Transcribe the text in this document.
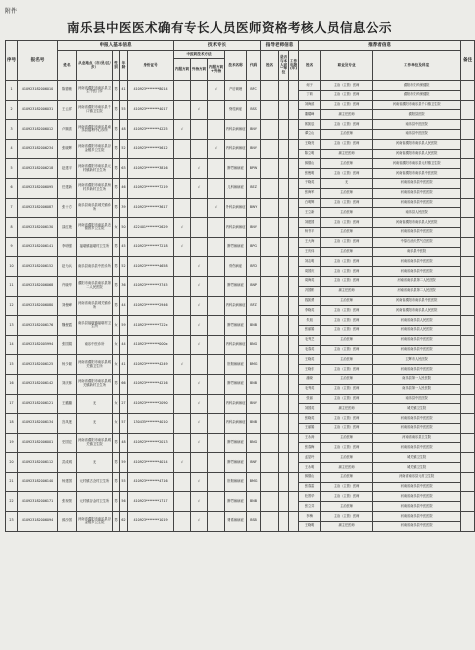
附件
南乐县中医医术确有专长人员医师资格考核人员信息公示
序号	报名号	申报人基本信息					技术专长					指导老师信息			推荐者信息			备注
		姓名	从业地点（市/县/区/乡）	性别	年龄	身份证号	中医药技术方法			技术名称	代码	姓名	是否与本人同一单位	工作年限(年)	姓名	职业及专业	工作单位及科室	
							内服方药	外治方药	内服方药+外治									
1	410923182006010	陈德敏	河南省濮阳市南乐县卫生中医门诊	男	41	410923********8014			√	产后调理	BFC				何子	主治（主管）医师	濮阳市妇幼保健院	
															丁莉	主治（主管）医师	濮阳市妇幼保健院	
2	410923182006031	王云祥	河南省濮阳市南乐县千口镇卫生院	男	55	410923********4017		√		脊柱病症	BSS				刘海滨	主治（主管）医师	河南省濮阳市南乐县千口镇卫生院	
															董耀峰	副主任医师	濮阳县医院	
3	410923182006012	卢顺喜	河南省濮阳市南乐县南乐县福利中心诊所	男	48	410923********4225	√			内科杂病病症	BNY				郭凯辰	主治（主管）医师	南乐县中医医院	
															谭立山	主治医师	南乐县中医医院	
4	410923182006234	张晓辉	河南省濮阳市南乐县谷金楼乡卫生院	男	52	410923********5612			√	内科杂病病症	BNY				王晓亮	主治（主管）医师	河南省濮阳市南乐县人民医院	
															陈立明	副主任医师	河南省濮阳市南乐县人民医院	
5	410923182006218	赵建平	河南省濮阳市南乐县元村镇新村卫生所	男	63	410923********3816		√		脾胃病病症	BPW				薛德山	主治医师	河南省濮阳市南乐县元村镇卫生院	
															张俊明	主治（主管）医师	河南省濮阳市南乐县中医医院	
6	410923182006095	任建新	河南省濮阳市南乐县杨村乡新村卫生所	男	46	410923********7219		√		儿科病病症	BEZ				于晓英	无	河南省南乐县中医医院	
															张海军	主治医师	河南省南乐县中医医院	
7	410923182006087	张十方	南乐县南乐县城关镇诊所	男	39	410923********3617			√	外科杂病病症	BWY				白明辉	主治（主管）医师	河南省南乐县中医医院	
															王立新	主治医师	南乐县人民医院	
8	410923182006130	邵红艳	河南省濮阳市南乐县近德固乡卫生院	女	50	422401********2629	√			内科杂病病症	BNY				刘建国	主治（主管）医师	河南省濮阳市南乐县人民医院	
															杨书平	主治医师	河南省南乐县中医医院	
9	410923182006141	李明强	福堪镇福堪村卫生所	男	45	410923********7218	√			脾胃病病症	BPG				王大海	主治（主管）医师	中原石油天然气总医院	
															王庆伟	主治医师	南乐县中医院	
10	410923182006152	赵为兵	南乐县南乐县中医诊所	男	52	410923********4658		√		骨伤病症	BFD				刘志明	主治（主管）医师	河南省南乐县中医医院	
															周国庆	主治（主管）医师	河南省南乐县中医医院	
11	410923182006068	许晓华	濮阳市南乐县南乐县第二人民医院	男	36	410923********3745		√		脾胃病病症	BNP				周海英	主治（主管）医师	河南省南乐县第二人民医院	
															冯国彬	副主任医师	河南省南乐县第二人民医院	
12	410923182006080	刘俊峰	河南省南乐县城关镇诊所	男	44	410923********2946		√		内科杂病病症	BFZ				钱凯勇	主治医师	河南省濮阳市南乐县中医医院	
															李晓英	主治（主管）医师	河南省濮阳市南乐县人民医院	
13	410923182006176	魏俊霞	南乐县福堪镇福堪村卫生所	女	59	410923********722x		√		脾胃病病症	BNB				朱旭	主治（主管）医师	河南省南乐县人民医院	
															张丽娟	主治（主管）医师	河南省南乐县人民医院	
14	410923182005994	张国娟	南乐中医诊所	女	44	410923********000x		√		内科杂病病症	BNG				毛秀芝	主治医师	河南省南乐县中医医院	
															毛春英	主治（主管）医师	河南省南乐县中医医院	
15	410923182006125	杨少颖	河南省濮阳市南乐县城关镇卫生所	女	41	410923********4249	√			肝胆病病症	BMG				王晓英	主治医师	卫辉市人民医院	
															王晓东	主治（主管）医师	河南省南乐县中医医院	
16	410923182006142	刘庆林	河南省濮阳市南乐县城关镇新村卫生所	男	66	410923********4216		√		脾胃病病症	BNB				潘晓	主治医师	南乐县第一人民医院	
															毛秀英	主治（主管）医师	南乐县第一人民医院	
17	410923182006121	王璐璐	无	女	27	410923********2090		√		内科杂病病症	BNY				张丽	主治（主管）医师	南乐县中医医院	
															刘国英	副主任医师	城关镇卫生院	
18	410923182006134	宫凤莲	无	女	57	130435********4010		√		内科杂病病症	BNB				张晓英	主治（主管）医师	河南省南乐县中医医院	
															王丽娟	主治（主管）医师	河南省南乐县中医医院	
19	410923182006001	史国宏	河南省濮阳市南乐县城关镇卫生院	男	48	410923********2013		√		脾胃病病症	BNG				王永涛	主治医师	河南省南乐县卫生院	
															张春梅	主治（主管）医师	河南省南乐县中医医院	
20	410923182006112	武成城	无	男	59	410923********4014	√			脾胃病病症	BNF				孟显玲	主治医师	城关镇卫生院	
															王永明	副主任医师	城关镇卫生院	
21	410923182006140	杨建国	元村镇古念村卫生所	男	55	410923********4716		√		肝胆病病症	BMG				薛德山	主治医师	河南省南乐县元村卫生院	
															张春雷	主治（主管）医师	河南省南乐县中医医院	
22	410923182006171	张现领	元村镇谷金村卫生所	男	56	410923********1717		√		脾胃病病症	BNB				杜景华	主治（主管）医师	河南省南乐县中医医院	
															张立芬	主治医师	河南省南乐县中医医院	
23	410923182006094	薛沙国	河南省濮阳市南乐县谷金楼乡卫生院	男	62	410923********1019		√		肾系病病症	BSB				李梅	主治（主管）医师	河南省南乐县中医医院	
															王晓明	副主任医师	河南省南乐县中医医院	
